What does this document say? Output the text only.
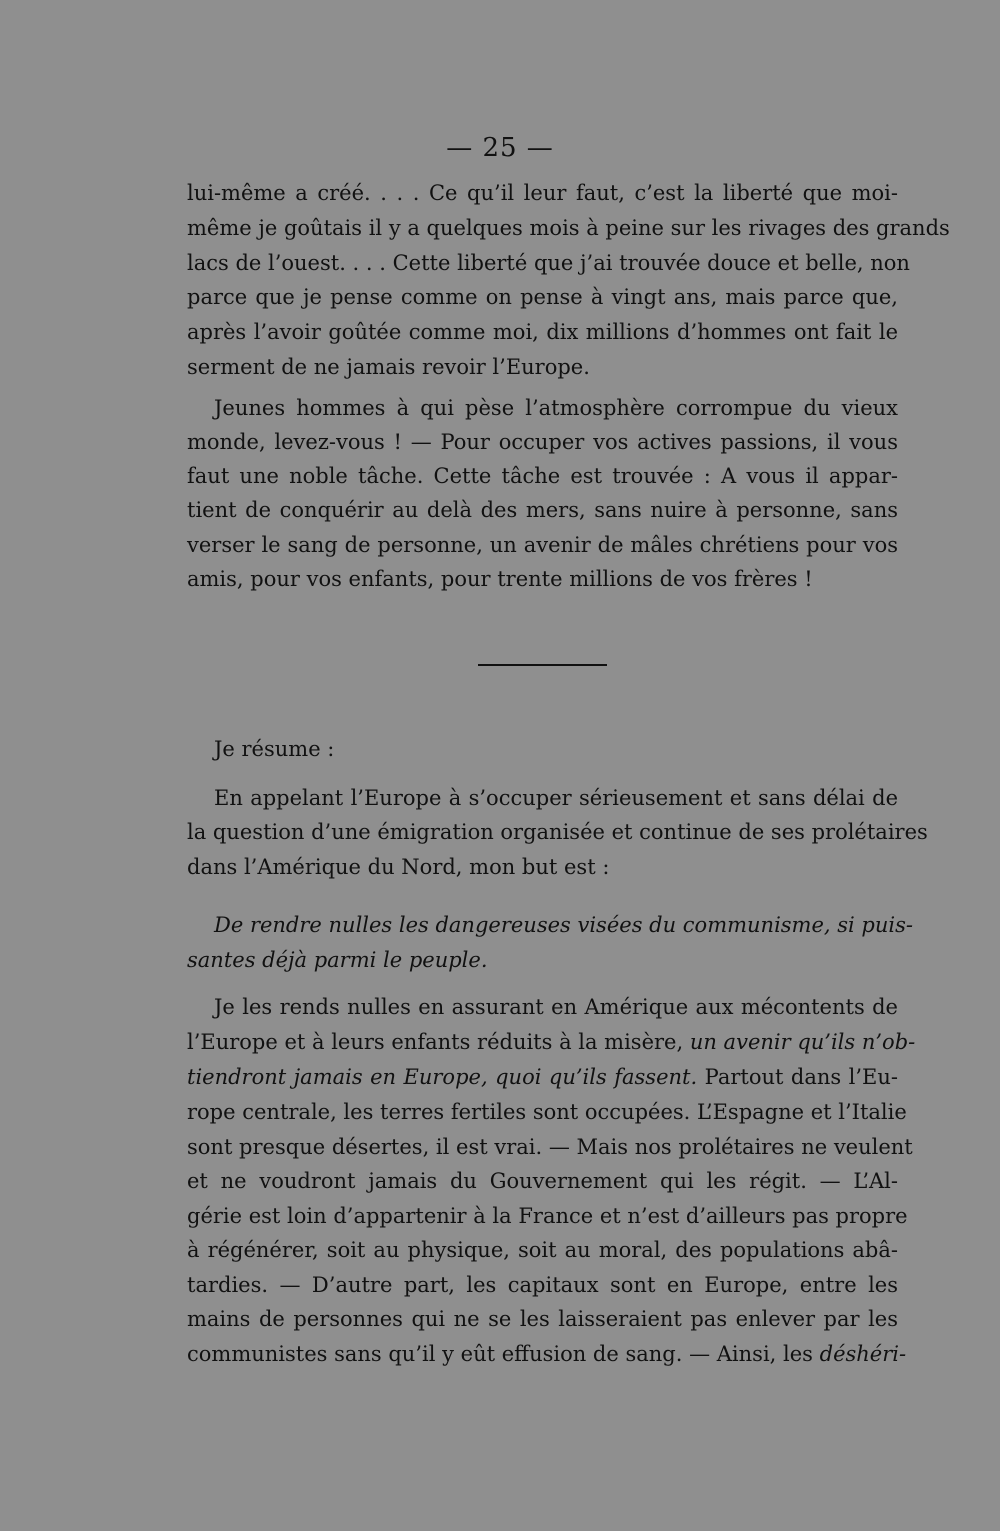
— 25 —
lui-même a créé. . . . Ce qu’il leur faut, c’est la liberté que moi-
même je goûtais il y a quelques mois à peine sur les rivages des grands
lacs de l’ouest. . . . Cette liberté que j’ai trouvée douce et belle, non
parce que je pense comme on pense à vingt ans, mais parce que,
après l’avoir goûtée comme moi, dix millions d’hommes ont fait le
serment de ne jamais revoir l’Europe.
Jeunes hommes à qui pèse l’atmosphère corrompue du vieux
monde, levez-vous ! — Pour occuper vos actives passions, il vous
faut une noble tâche. Cette tâche est trouvée : A vous il appar-
tient de conquérir au delà des mers, sans nuire à personne, sans
verser le sang de personne, un avenir de mâles chrétiens pour vos
amis, pour vos enfants, pour trente millions de vos frères !
Je résume :
En appelant l’Europe à s’occuper sérieusement et sans délai de
la question d’une émigration organisée et continue de ses prolétaires
dans l’Amérique du Nord, mon but est :
De rendre nulles les dangereuses visées du communisme, si puis-
santes déjà parmi le peuple.
Je les rends nulles en assurant en Amérique aux mécontents de
l’Europe et à leurs enfants réduits à la misère, un avenir qu’ils n’ob-
tiendront jamais en Europe, quoi qu’ils fassent. Partout dans l’Eu-
rope centrale, les terres fertiles sont occupées. L’Espagne et l’Italie
sont presque désertes, il est vrai. — Mais nos prolétaires ne veulent
et ne voudront jamais du Gouvernement qui les régit. — L’Al-
gérie est loin d’appartenir à la France et n’est d’ailleurs pas propre
à régénérer, soit au physique, soit au moral, des populations abâ-
tardies. — D’autre part, les capitaux sont en Europe, entre les
mains de personnes qui ne se les laisseraient pas enlever par les
communistes sans qu’il y eût effusion de sang. — Ainsi, les déshéri-
